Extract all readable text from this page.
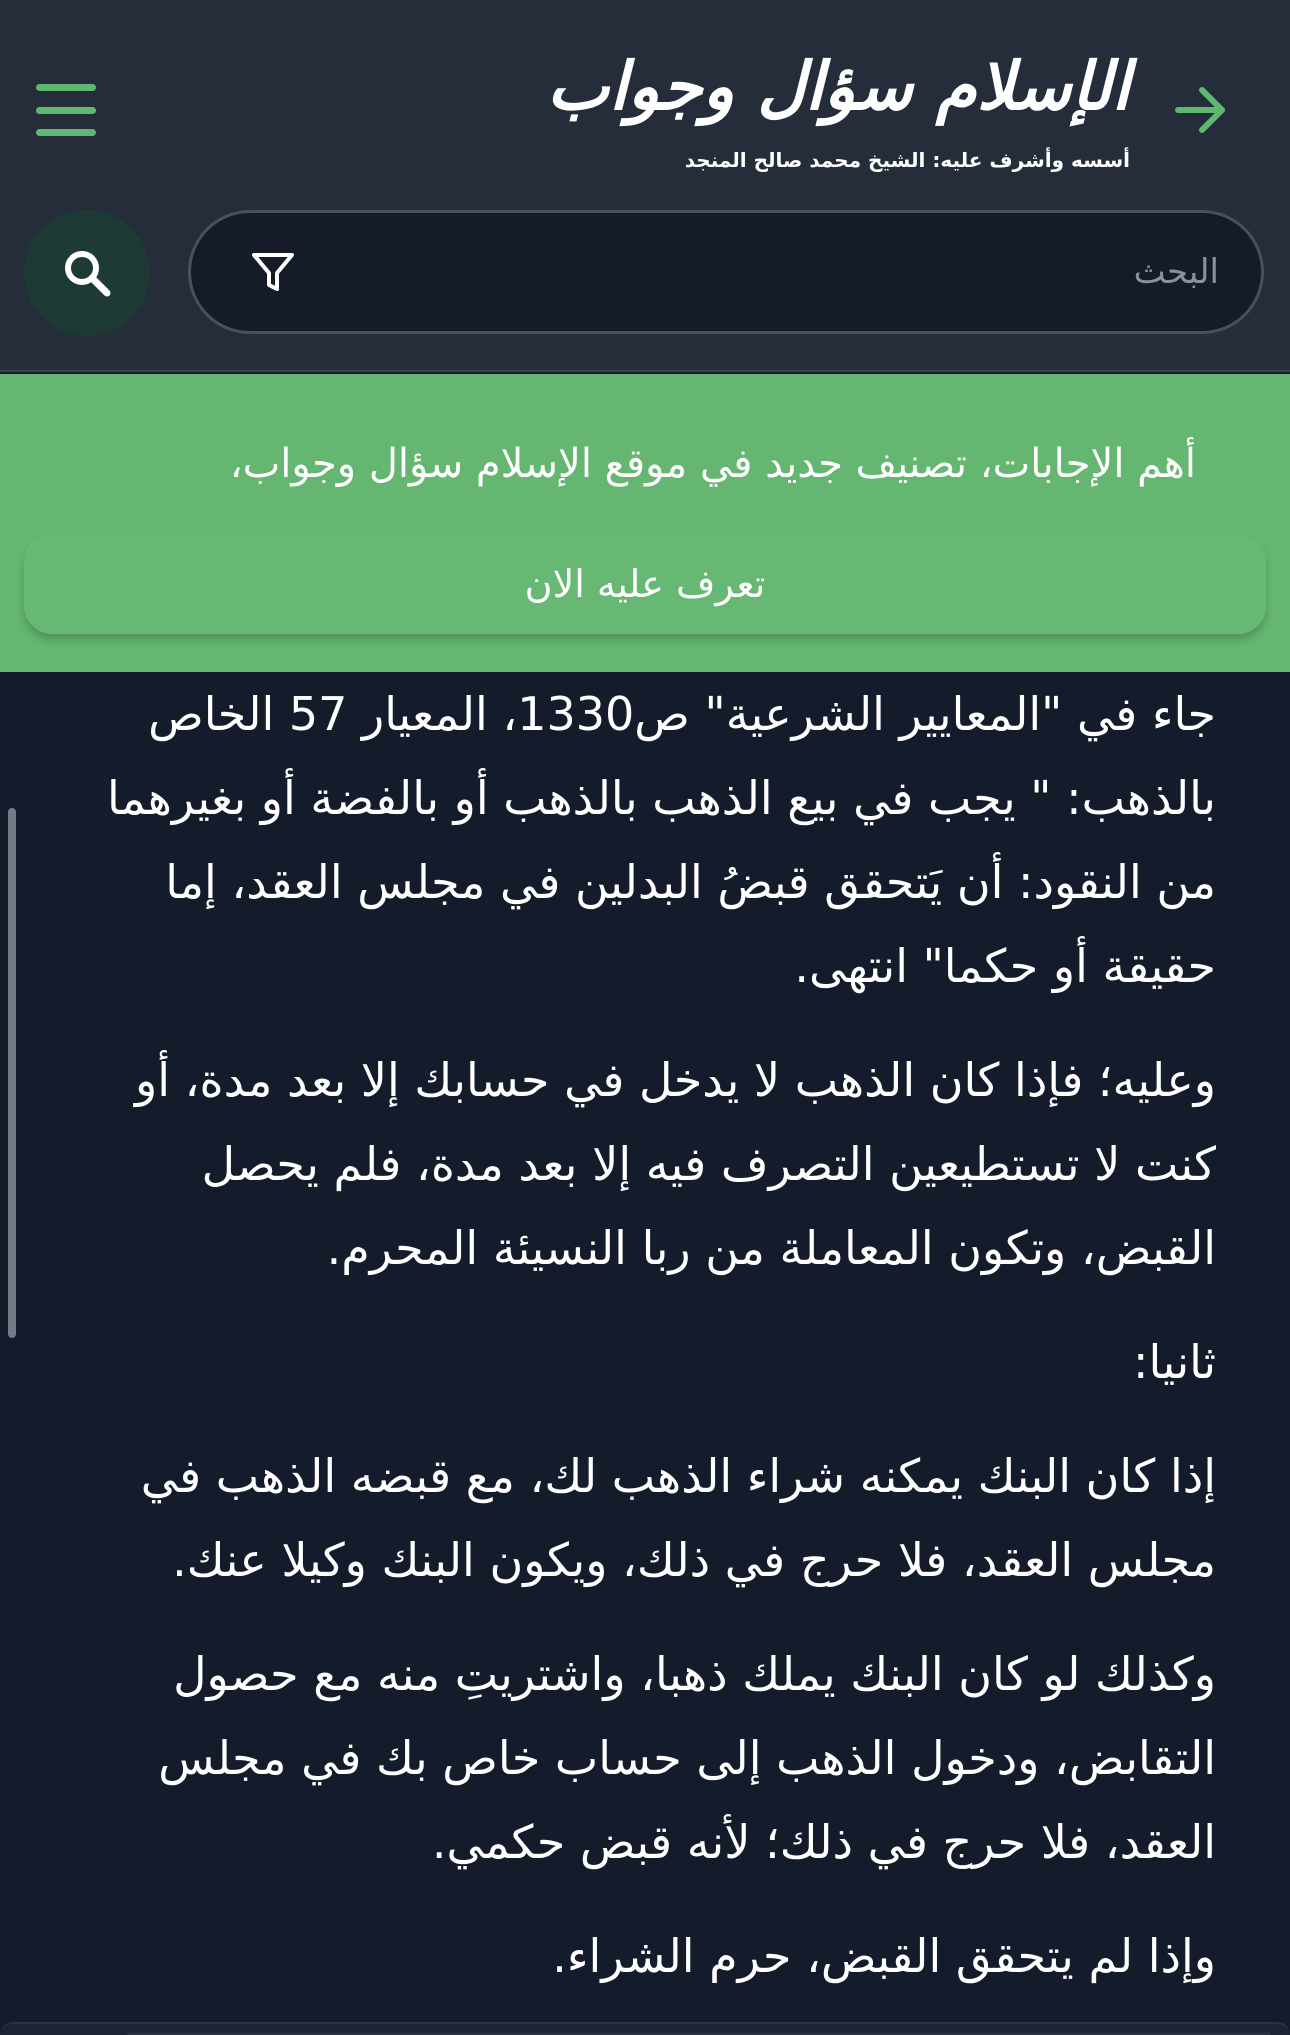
الإسلام سؤال وجواب
أسسه وأشرف عليه: الشيخ محمد صالح المنجد
البحث
أهم الإجابات، تصنيف جديد في موقع الإسلام سؤال وجواب،
تعرف عليه الان

جاء في "المعايير الشرعية" ص1330، المعيار 57 الخاص بالذهب: " يجب في بيع الذهب بالذهب أو بالفضة أو بغيرهما من النقود: أن يَتحقق قبضُ البدلين في مجلس العقد، إما حقيقة أو حكما" انتهى.

وعليه؛ فإذا كان الذهب لا يدخل في حسابك إلا بعد مدة، أو كنت لا تستطيعين التصرف فيه إلا بعد مدة، فلم يحصل القبض، وتكون المعاملة من ربا النسيئة المحرم.

ثانيا:

إذا كان البنك يمكنه شراء الذهب لك، مع قبضه الذهب في مجلس العقد، فلا حرج في ذلك، ويكون البنك وكيلا عنك.

وكذلك لو كان البنك يملك ذهبا، واشتريتِ منه مع حصول التقابض، ودخول الذهب إلى حساب خاص بك في مجلس العقد، فلا حرج في ذلك؛ لأنه قبض حكمي.

وإذا لم يتحقق القبض، حرم الشراء.
